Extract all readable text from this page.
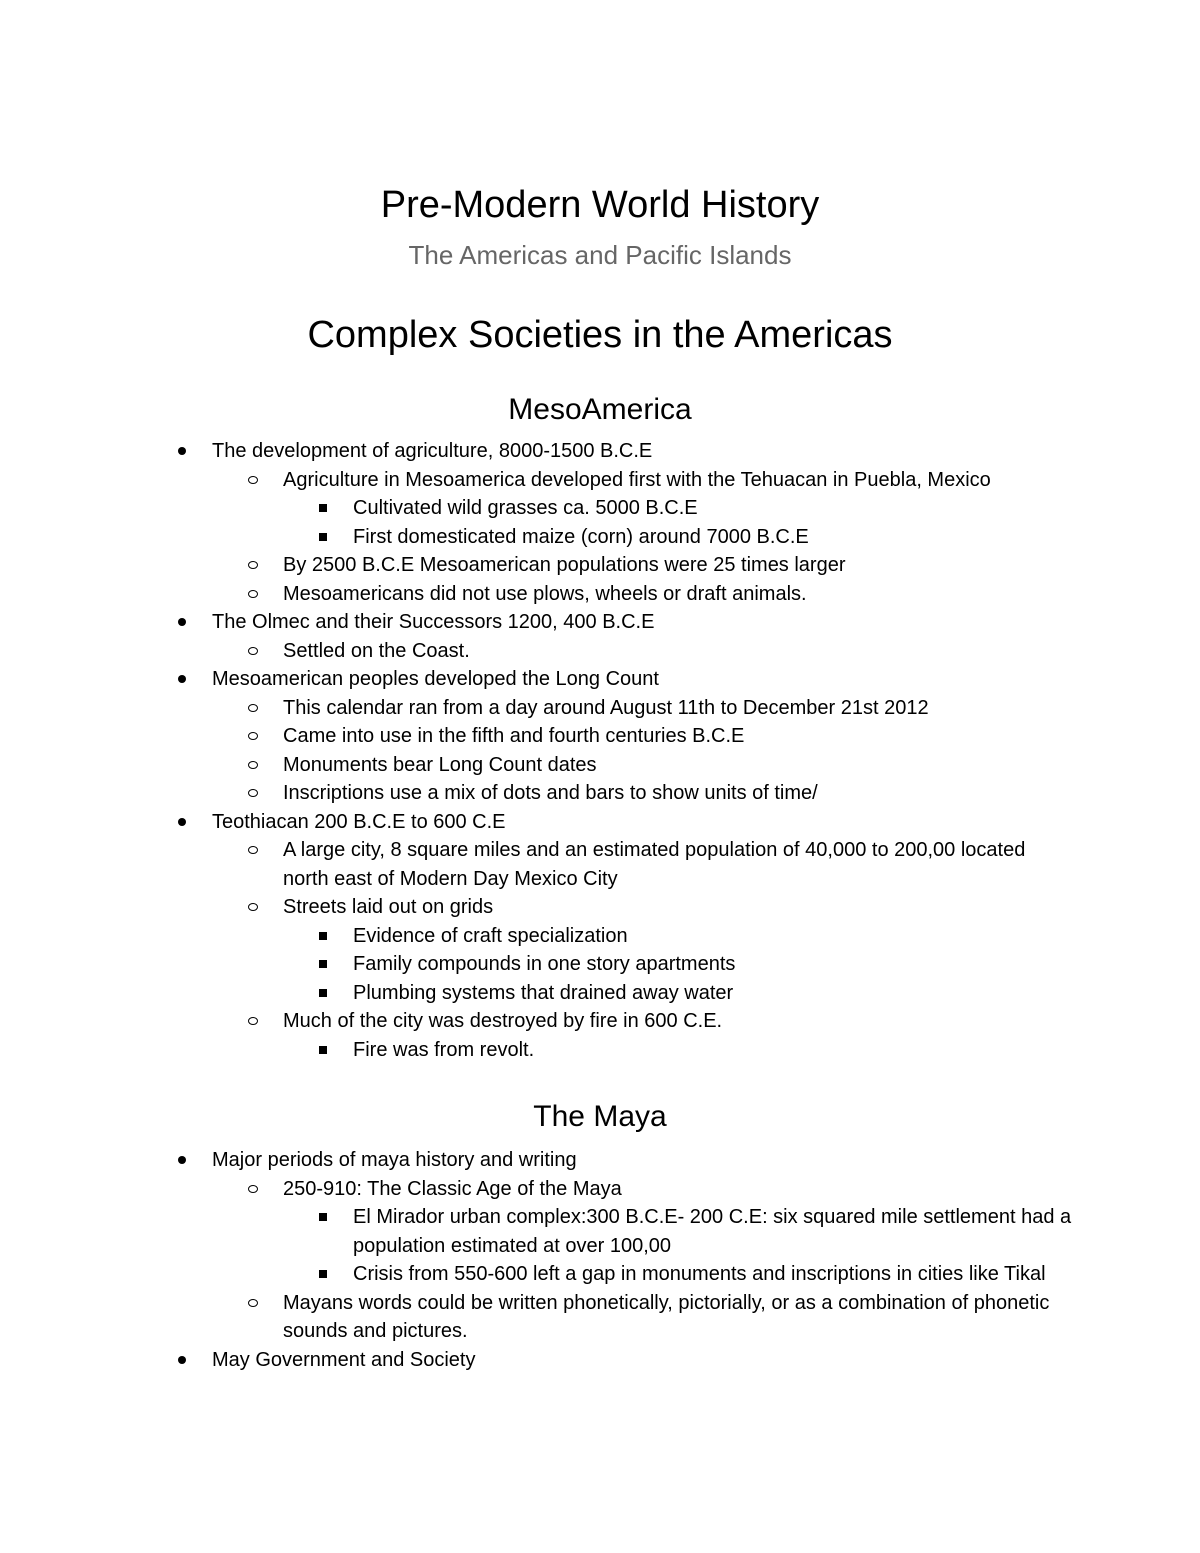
Pre-Modern World History
The Americas and Pacific Islands
Complex Societies in the Americas
MesoAmerica
The development of agriculture, 8000-1500 B.C.E
Agriculture in Mesoamerica developed first with the Tehuacan in Puebla, Mexico
Cultivated wild grasses ca. 5000 B.C.E
First domesticated maize (corn) around 7000 B.C.E
By 2500 B.C.E Mesoamerican populations were 25 times larger
Mesoamericans did not use plows, wheels or draft animals.
The Olmec and their Successors 1200, 400 B.C.E
Settled on the Coast.
Mesoamerican peoples developed the Long Count
This calendar ran from a day around August 11th to December 21st 2012
Came into use in the fifth and fourth centuries B.C.E
Monuments bear Long Count dates
Inscriptions use a mix of dots and bars to show units of time/
Teothiacan 200 B.C.E to 600 C.E
A large city, 8 square miles and an estimated population of 40,000 to 200,00 located north east of Modern Day Mexico City
Streets laid out on grids
Evidence of craft specialization
Family compounds in one story apartments
Plumbing systems that drained away water
Much of the city was destroyed by fire in 600 C.E.
Fire was from revolt.
The Maya
Major periods of maya history and writing
250-910: The Classic Age of the Maya
El Mirador urban complex:300 B.C.E- 200 C.E: six squared mile settlement had a population estimated at over 100,00
Crisis from 550-600 left a gap in monuments and inscriptions in cities like Tikal
Mayans words could be written phonetically, pictorially, or as a combination of phonetic sounds and pictures.
May Government and Society
